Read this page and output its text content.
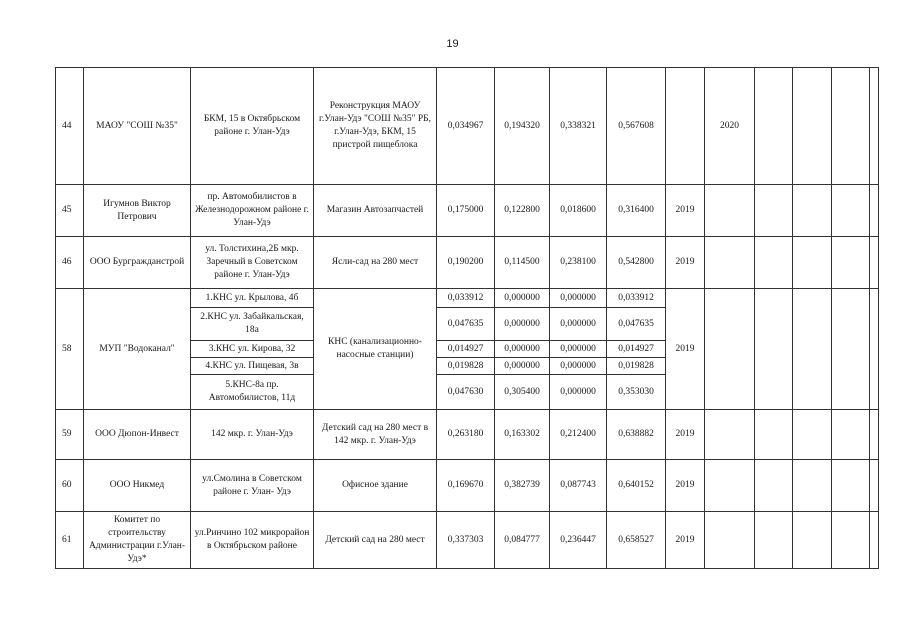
19
44	МАОУ "СОШ №35"	БКМ, 15 в Октябрьском районе г. Улан-Удэ	Реконструкция МАОУ г.Улан-Удэ "СОШ №35" РБ, г.Улан-Удэ, БКМ, 15 пристрой пищеблока	0,034967	0,194320	0,338321	0,567608		2020				
45	Игумнов Виктор Петрович	пр. Автомобилистов в Железнодорожном районе г. Улан-Удэ	Магазин Автозапчастей	0,175000	0,122800	0,018600	0,316400	2019					
46	ООО Бургражданстрой	ул. Толстихина,2Б мкр. Заречный в Советском районе г. Улан-Удэ	Ясли-сад на 280 мест	0,190200	0,114500	0,238100	0,542800	2019					
58	МУП "Водоканал"	1.КНС ул. Крылова, 4б	КНС (канализационно-насосные станции)	0,033912	0,000000	0,000000	0,033912	2019					
		2.КНС ул. Забайкальская, 18а		0,047635	0,000000	0,000000	0,047635						
		3.КНС ул. Кирова, 32		0,014927	0,000000	0,000000	0,014927						
		4.КНС ул. Пищевая, 3в		0,019828	0,000000	0,000000	0,019828						
		5.КНС-8а пр. Автомобилистов, 11д		0,047630	0,305400	0,000000	0,353030						
59	ООО Дюпон-Инвест	142 мкр. г. Улан-Удэ	Детский сад на 280 мест в 142 мкр. г. Улан-Удэ	0,263180	0,163302	0,212400	0,638882	2019					
60	ООО Никмед	ул.Смолина в Советском районе г. Улан- Удэ	Офисное здание	0,169670	0,382739	0,087743	0,640152	2019					
61	Комитет по строительству Администрации г.Улан-Удэ*	ул.Ринчино 102 микрорайон в Октябрьском районе	Детский сад на 280 мест	0,337303	0,084777	0,236447	0,658527	2019					
